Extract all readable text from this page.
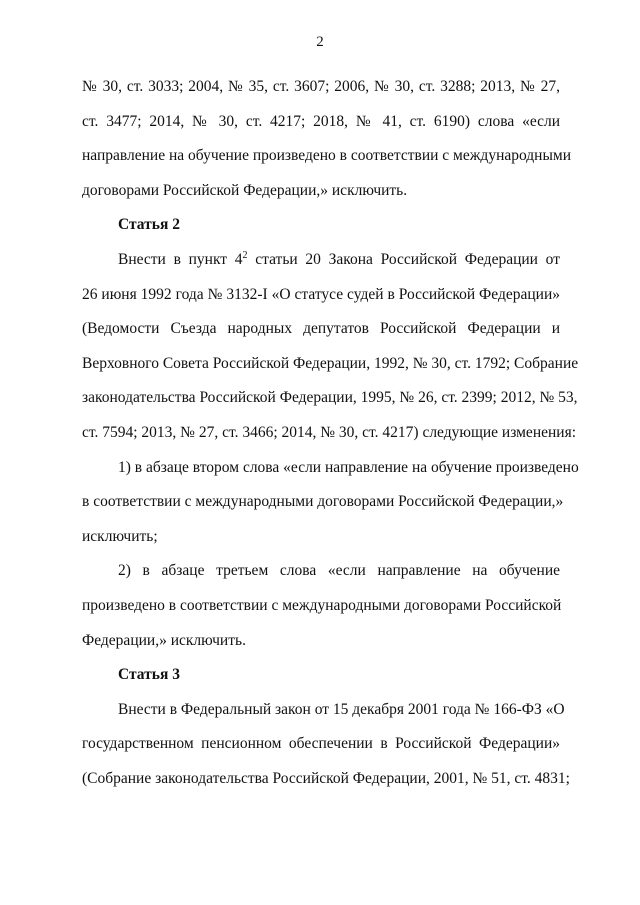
2
№ 30, ст. 3033; 2004, № 35, ст. 3607; 2006, № 30, ст. 3288; 2013, № 27,
ст. 3477; 2014, № 30, ст. 4217; 2018, № 41, ст. 6190) слова «если
направление на обучение произведено в соответствии с международными
договорами Российской Федерации,» исключить.
Статья 2
Внести в пункт $4^2$ статьи 20 Закона Российской Федерации от
26 июня 1992 года № 3132-I «О статусе судей в Российской Федерации»
(Ведомости Съезда народных депутатов Российской Федерации и
Верховного Совета Российской Федерации, 1992, № 30, ст. 1792; Собрание
законодательства Российской Федерации, 1995, № 26, ст. 2399; 2012, № 53,
ст. 7594; 2013, № 27, ст. 3466; 2014, № 30, ст. 4217) следующие изменения:
1) в абзаце втором слова «если направление на обучение произведено
в соответствии с международными договорами Российской Федерации,»
исключить;
2) в абзаце третьем слова «если направление на обучение
произведено в соответствии с международными договорами Российской
Федерации,» исключить.
Статья 3
Внести в Федеральный закон от 15 декабря 2001 года № 166-ФЗ «О
государственном пенсионном обеспечении в Российской Федерации»
(Собрание законодательства Российской Федерации, 2001, № 51, ст. 4831;
